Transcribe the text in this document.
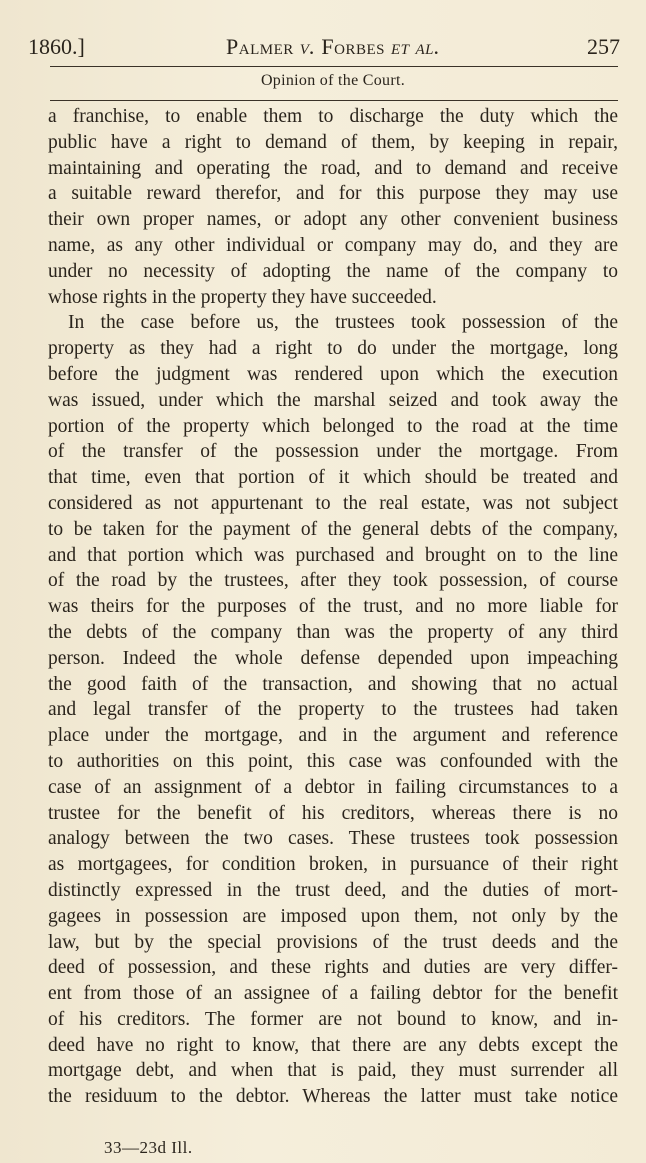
1860.]	Palmer v. Forbes et al.	257
Opinion of the Court.
a franchise, to enable them to discharge the duty which the
public have a right to demand of them, by keeping in repair,
maintaining and operating the road, and to demand and receive
a suitable reward therefor, and for this purpose they may use
their own proper names, or adopt any other convenient business
name, as any other individual or company may do, and they are
under no necessity of adopting the name of the company to
whose rights in the property they have succeeded.
In the case before us, the trustees took possession of the
property as they had a right to do under the mortgage, long
before the judgment was rendered upon which the execution
was issued, under which the marshal seized and took away the
portion of the property which belonged to the road at the time
of the transfer of the possession under the mortgage. From
that time, even that portion of it which should be treated and
considered as not appurtenant to the real estate, was not subject
to be taken for the payment of the general debts of the company,
and that portion which was purchased and brought on to the line
of the road by the trustees, after they took possession, of course
was theirs for the purposes of the trust, and no more liable for
the debts of the company than was the property of any third
person. Indeed the whole defense depended upon impeaching
the good faith of the transaction, and showing that no actual
and legal transfer of the property to the trustees had taken
place under the mortgage, and in the argument and reference
to authorities on this point, this case was confounded with the
case of an assignment of a debtor in failing circumstances to a
trustee for the benefit of his creditors, whereas there is no
analogy between the two cases. These trustees took possession
as mortgagees, for condition broken, in pursuance of their right
distinctly expressed in the trust deed, and the duties of mort-
gagees in possession are imposed upon them, not only by the
law, but by the special provisions of the trust deeds and the
deed of possession, and these rights and duties are very differ-
ent from those of an assignee of a failing debtor for the benefit
of his creditors. The former are not bound to know, and in-
deed have no right to know, that there are any debts except the
mortgage debt, and when that is paid, they must surrender all
the residuum to the debtor. Whereas the latter must take notice
33—23d Ill.
